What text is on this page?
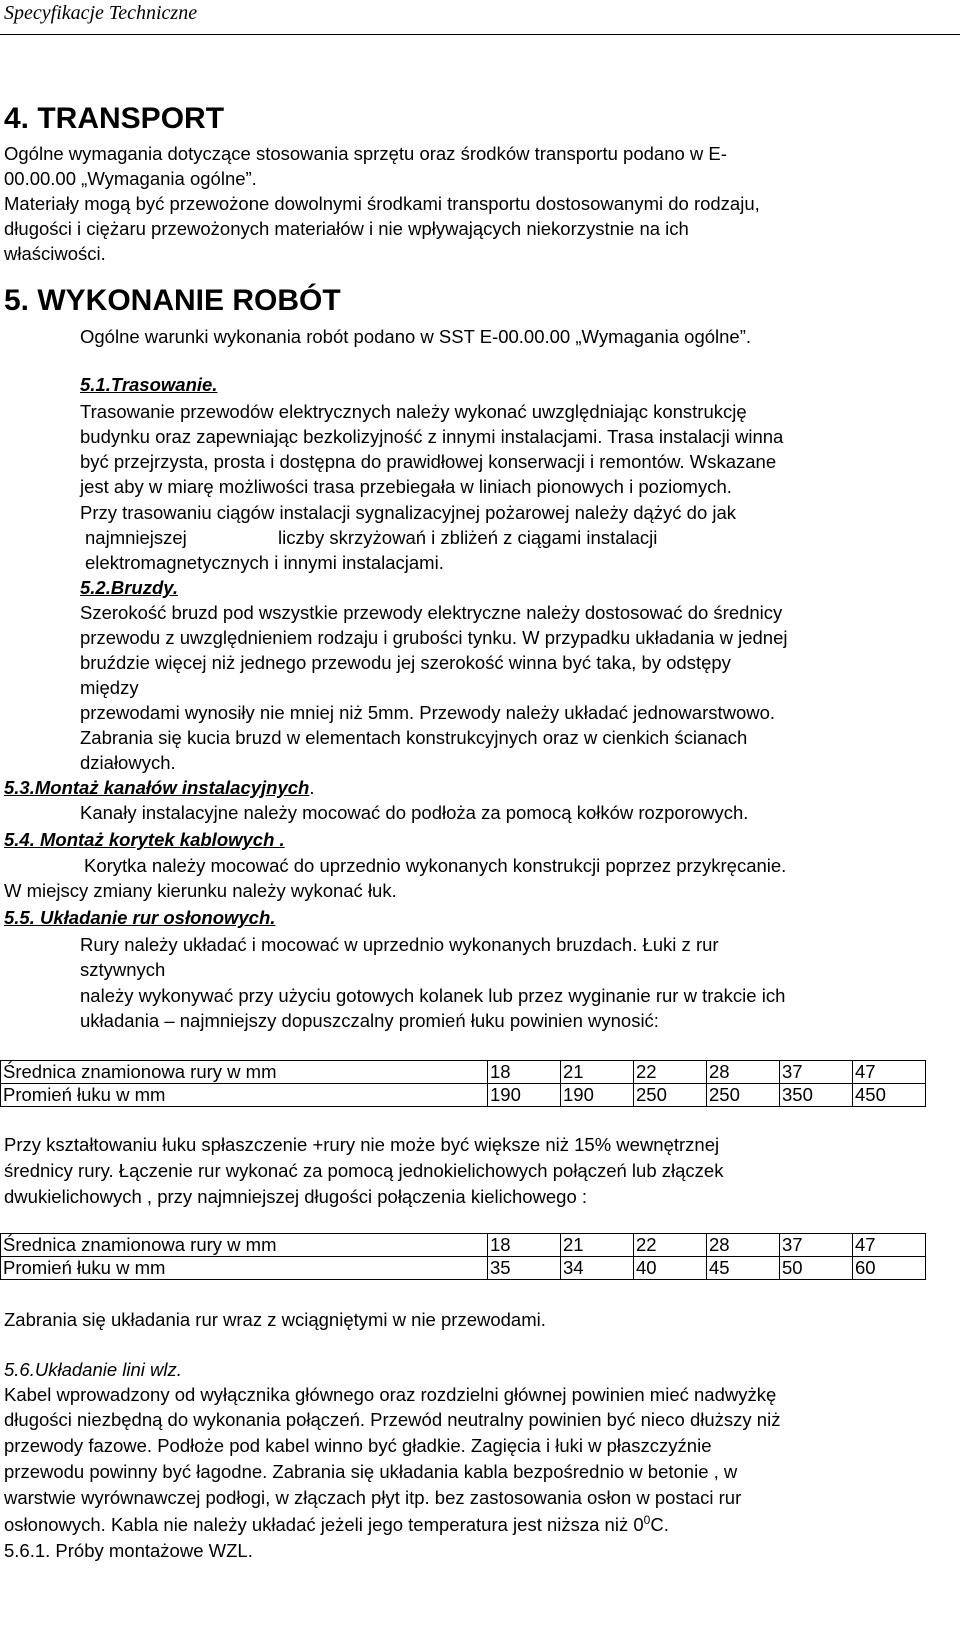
Specyfikacje Techniczne
4. TRANSPORT
Ogólne wymagania dotyczące stosowania sprzętu oraz środków transportu podano w E-
00.00.00 „Wymagania ogólne”.
Materiały mogą być przewożone dowolnymi środkami transportu dostosowanymi do rodzaju,
długości i ciężaru przewożonych materiałów i nie wpływających niekorzystnie na ich
właściwości.
5. WYKONANIE ROBÓT
Ogólne warunki wykonania robót podano w SST E-00.00.00 „Wymagania ogólne”.
5.1.Trasowanie.
Trasowanie przewodów elektrycznych należy wykonać uwzględniając konstrukcję
budynku oraz zapewniając bezkolizyjność z innymi instalacjami. Trasa instalacji winna
być przejrzysta, prosta i dostępna do prawidłowej konserwacji i remontów. Wskazane
jest aby w miarę możliwości trasa przebiegała w liniach pionowych i poziomych.
Przy trasowaniu ciągów instalacji sygnalizacyjnej pożarowej należy dążyć do jak
najmniejszej	liczby skrzyżowań i zbliżeń z ciągami instalacji
elektromagnetycznych i innymi instalacjami.
5.2.Bruzdy.
Szerokość bruzd pod wszystkie przewody elektryczne należy dostosować do średnicy
przewodu z uwzględnieniem rodzaju i grubości tynku. W przypadku układania w jednej
bruździe więcej niż jednego przewodu jej szerokość winna być taka, by odstępy
między
przewodami wynosiły nie mniej niż 5mm. Przewody należy układać jednowarstwowo.
Zabrania się kucia bruzd w elementach konstrukcyjnych oraz w cienkich ścianach
działowych.
5.3.Montaż kanałów instalacyjnych.
Kanały instalacyjne należy mocować do podłoża za pomocą kołków rozporowych.
5.4. Montaż korytek kablowych .
Korytka należy mocować do uprzednio wykonanych konstrukcji poprzez przykręcanie.
W miejscy zmiany kierunku należy wykonać łuk.
5.5. Układanie rur osłonowych.
Rury należy układać i mocować w uprzednio wykonanych bruzdach. Łuki z rur
sztywnych
należy wykonywać przy użyciu gotowych kolanek lub przez wyginanie rur w trakcie ich
układania – najmniejszy dopuszczalny promień łuku powinien wynosić:
Średnica znamionowa rury w mm	18	21	22	28	37	47
Promień łuku w mm	190	190	250	250	350	450
Przy kształtowaniu łuku spłaszczenie +rury nie może być większe niż 15% wewnętrznej
średnicy rury. Łączenie rur wykonać za pomocą jednokielichowych połączeń lub złączek
dwukielichowych , przy najmniejszej długości połączenia kielichowego :
Średnica znamionowa rury w mm	18	21	22	28	37	47
Promień łuku w mm	35	34	40	45	50	60
Zabrania się układania rur wraz z wciągniętymi w nie przewodami.
5.6.Układanie lini wlz.
Kabel wprowadzony od wyłącznika głównego oraz rozdzielni głównej powinien mieć nadwyżkę
długości niezbędną do wykonania połączeń. Przewód neutralny powinien być nieco dłuższy niż
przewody fazowe. Podłoże pod kabel winno być gładkie. Zagięcia i łuki w płaszczyźnie
przewodu powinny być łagodne. Zabrania się układania kabla bezpośrednio w betonie , w
warstwie wyrównawczej podłogi, w złączach płyt itp. bez zastosowania osłon w postaci rur
osłonowych. Kabla nie należy układać jeżeli jego temperatura jest niższa niż $0^0C$.
5.6.1. Próby montażowe WZL.
